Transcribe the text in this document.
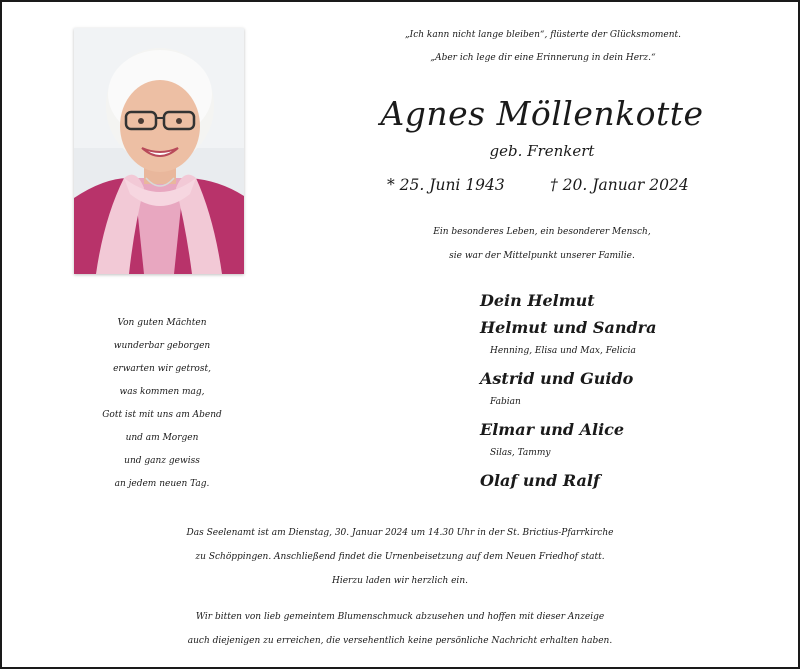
„Ich kann nicht lange bleiben“, flüsterte der Glücksmoment.
„Aber ich lege dir eine Erinnerung in dein Herz.“
Agnes Möllenkotte
geb. Frenkert
* 25. Juni 1943	† 20. Januar 2024
Ein besonderes Leben, ein besonderer Mensch,
sie war der Mittelpunkt unserer Familie.
Von guten Mächten
wunderbar geborgen
erwarten wir getrost,
was kommen mag,
Gott ist mit uns am Abend
und am Morgen
und ganz gewiss
an jedem neuen Tag.
Dein Helmut
Helmut und Sandra
Henning, Elisa und Max, Felicia
Astrid und Guido
Fabian
Elmar und Alice
Silas, Tammy
Olaf und Ralf
Das Seelenamt ist am Dienstag, 30. Januar 2024 um 14.30 Uhr in der St. Brictius-Pfarrkirche
zu Schöppingen. Anschließend findet die Urnenbeisetzung auf dem Neuen Friedhof statt.
Hierzu laden wir herzlich ein.
Wir bitten von lieb gemeintem Blumenschmuck abzusehen und hoffen mit dieser Anzeige
auch diejenigen zu erreichen, die versehentlich keine persönliche Nachricht erhalten haben.
